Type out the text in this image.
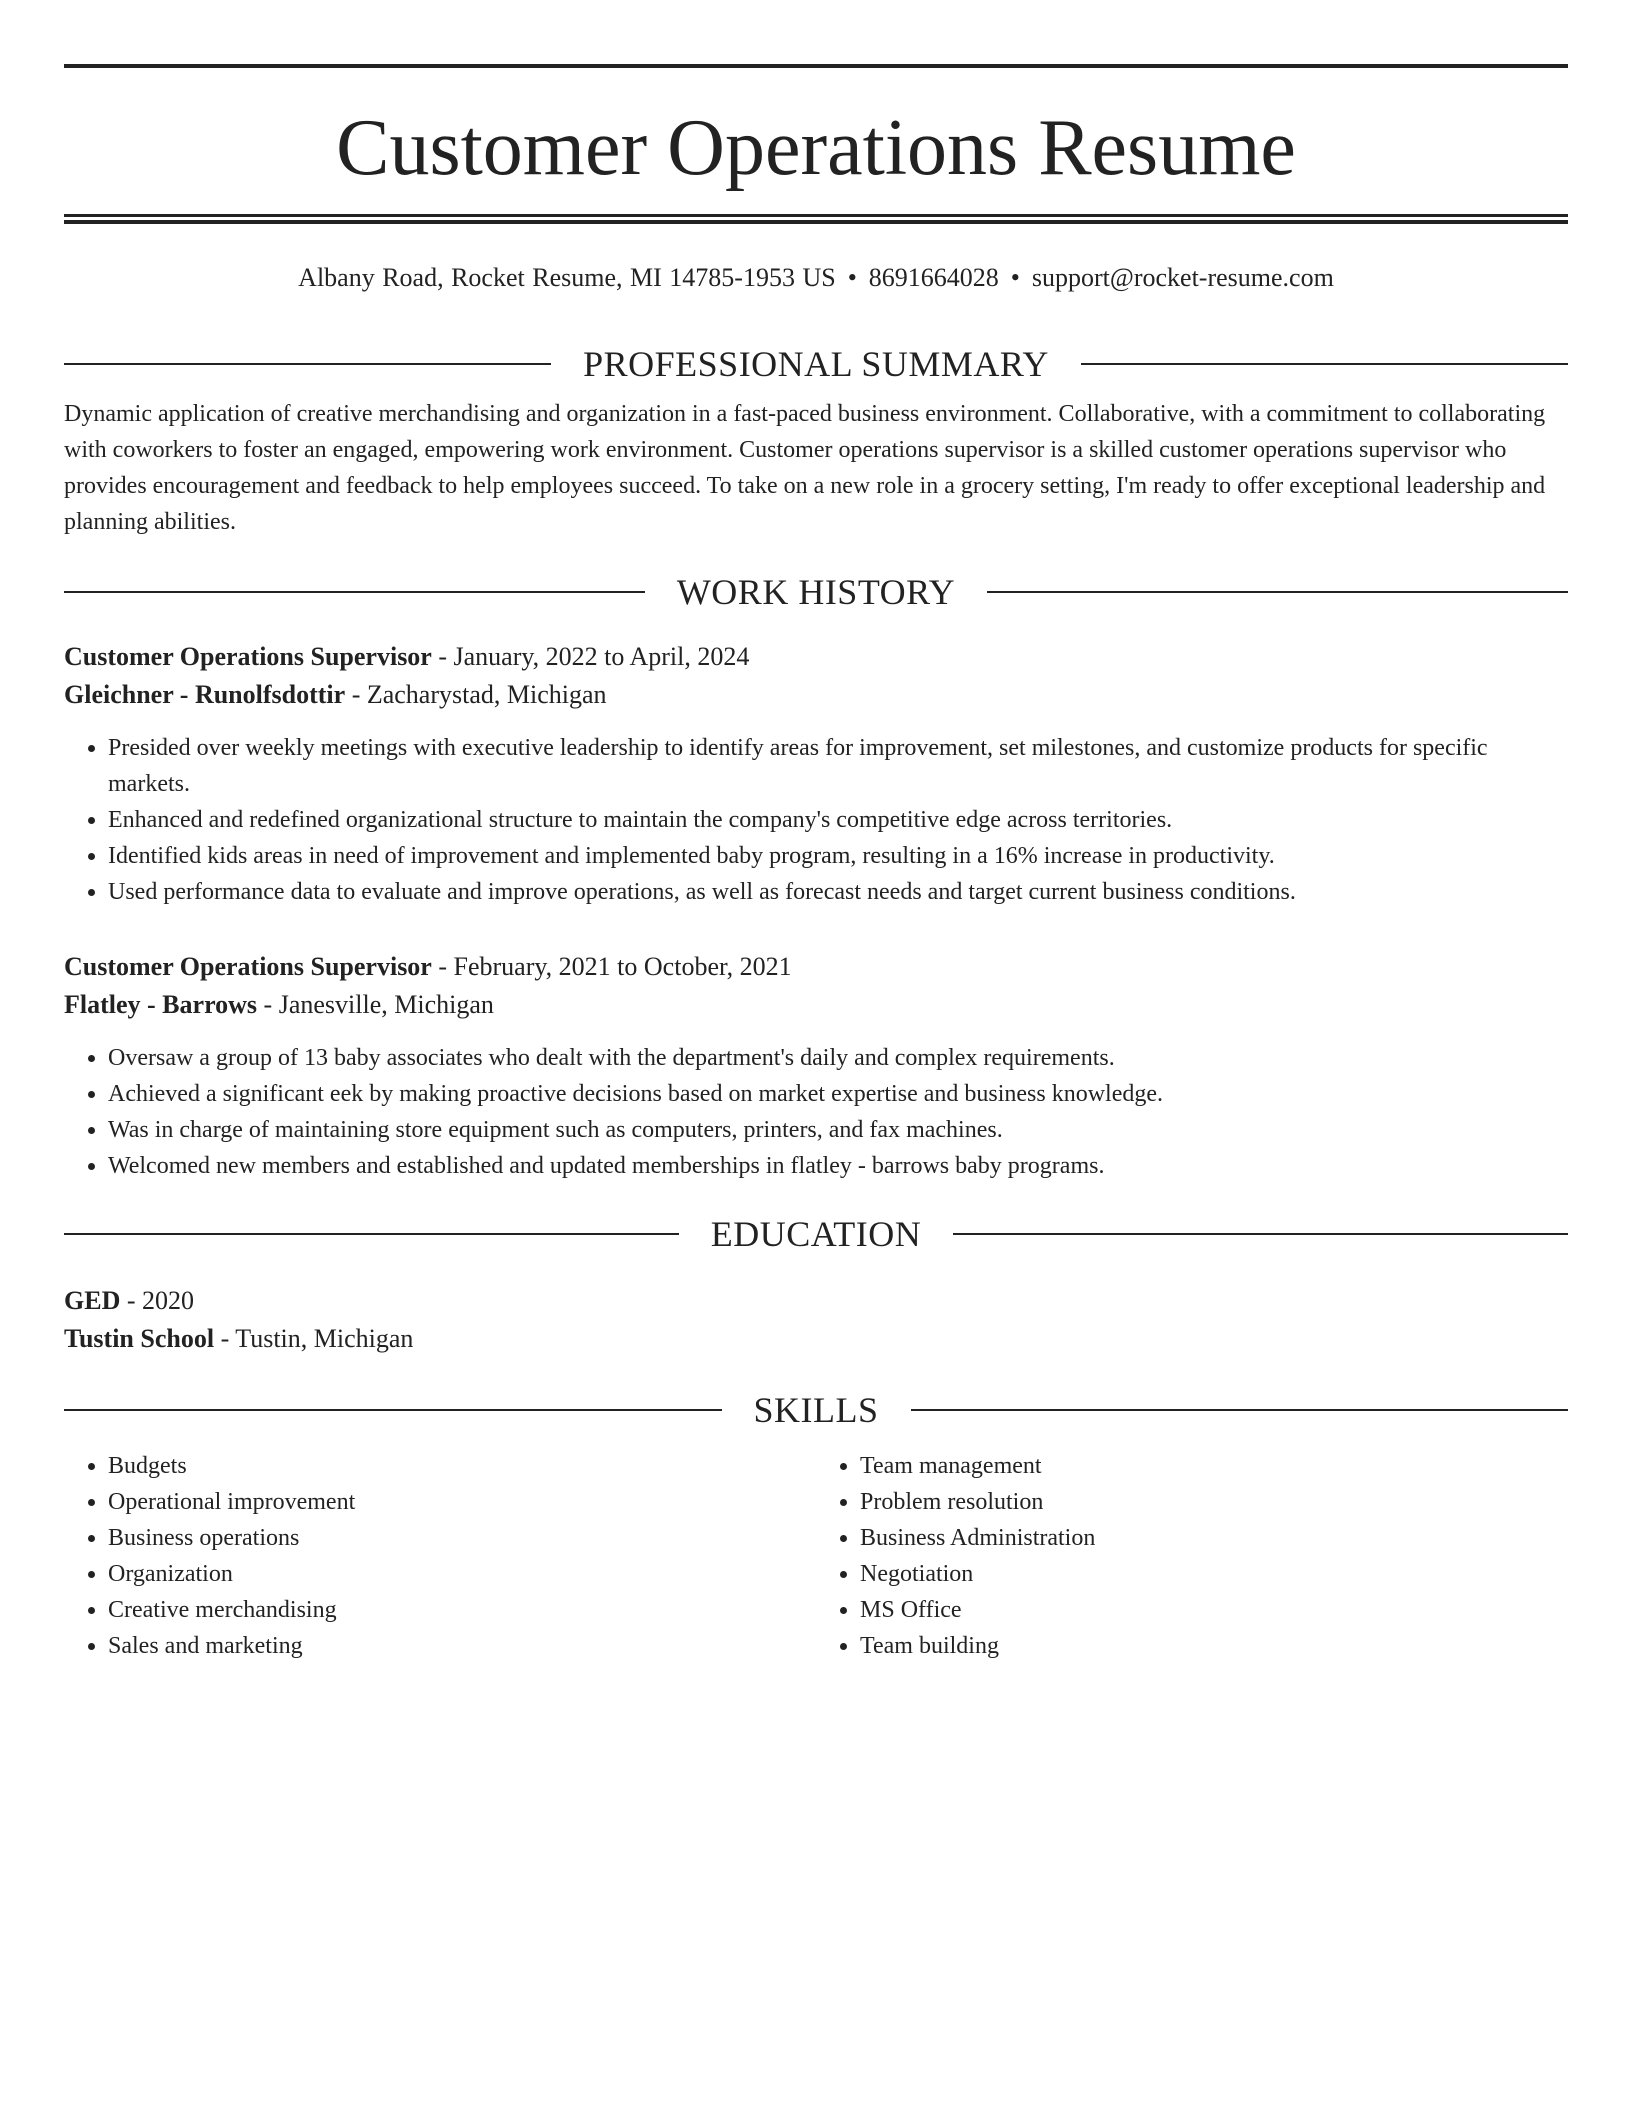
Customer Operations Resume
Albany Road, Rocket Resume, MI 14785-1953 US • 8691664028 • support@rocket-resume.com
PROFESSIONAL SUMMARY

Dynamic application of creative merchandising and organization in a fast-paced business environment. Collaborative, with a commitment to collaborating with coworkers to foster an engaged, empowering work environment. Customer operations supervisor is a skilled customer operations supervisor who provides encouragement and feedback to help employees succeed. To take on a new role in a grocery setting, I'm ready to offer exceptional leadership and planning abilities.

WORK HISTORY
Customer Operations Supervisor - January, 2022 to April, 2024
Gleichner - Runolfsdottir - Zacharystad, Michigan
• Presided over weekly meetings with executive leadership to identify areas for improvement, set milestones, and customize products for specific markets.
• Enhanced and redefined organizational structure to maintain the company's competitive edge across territories.
• Identified kids areas in need of improvement and implemented baby program, resulting in a 16% increase in productivity.
• Used performance data to evaluate and improve operations, as well as forecast needs and target current business conditions.
Customer Operations Supervisor - February, 2021 to October, 2021
Flatley - Barrows - Janesville, Michigan
• Oversaw a group of 13 baby associates who dealt with the department's daily and complex requirements.
• Achieved a significant eek by making proactive decisions based on market expertise and business knowledge.
• Was in charge of maintaining store equipment such as computers, printers, and fax machines.
• Welcomed new members and established and updated memberships in flatley - barrows baby programs.
EDUCATION
GED - 2020
Tustin School - Tustin, Michigan
SKILLS
• Budgets
• Operational improvement
• Business operations
• Organization
• Creative merchandising
• Sales and marketing
• Team management
• Problem resolution
• Business Administration
• Negotiation
• MS Office
• Team building
